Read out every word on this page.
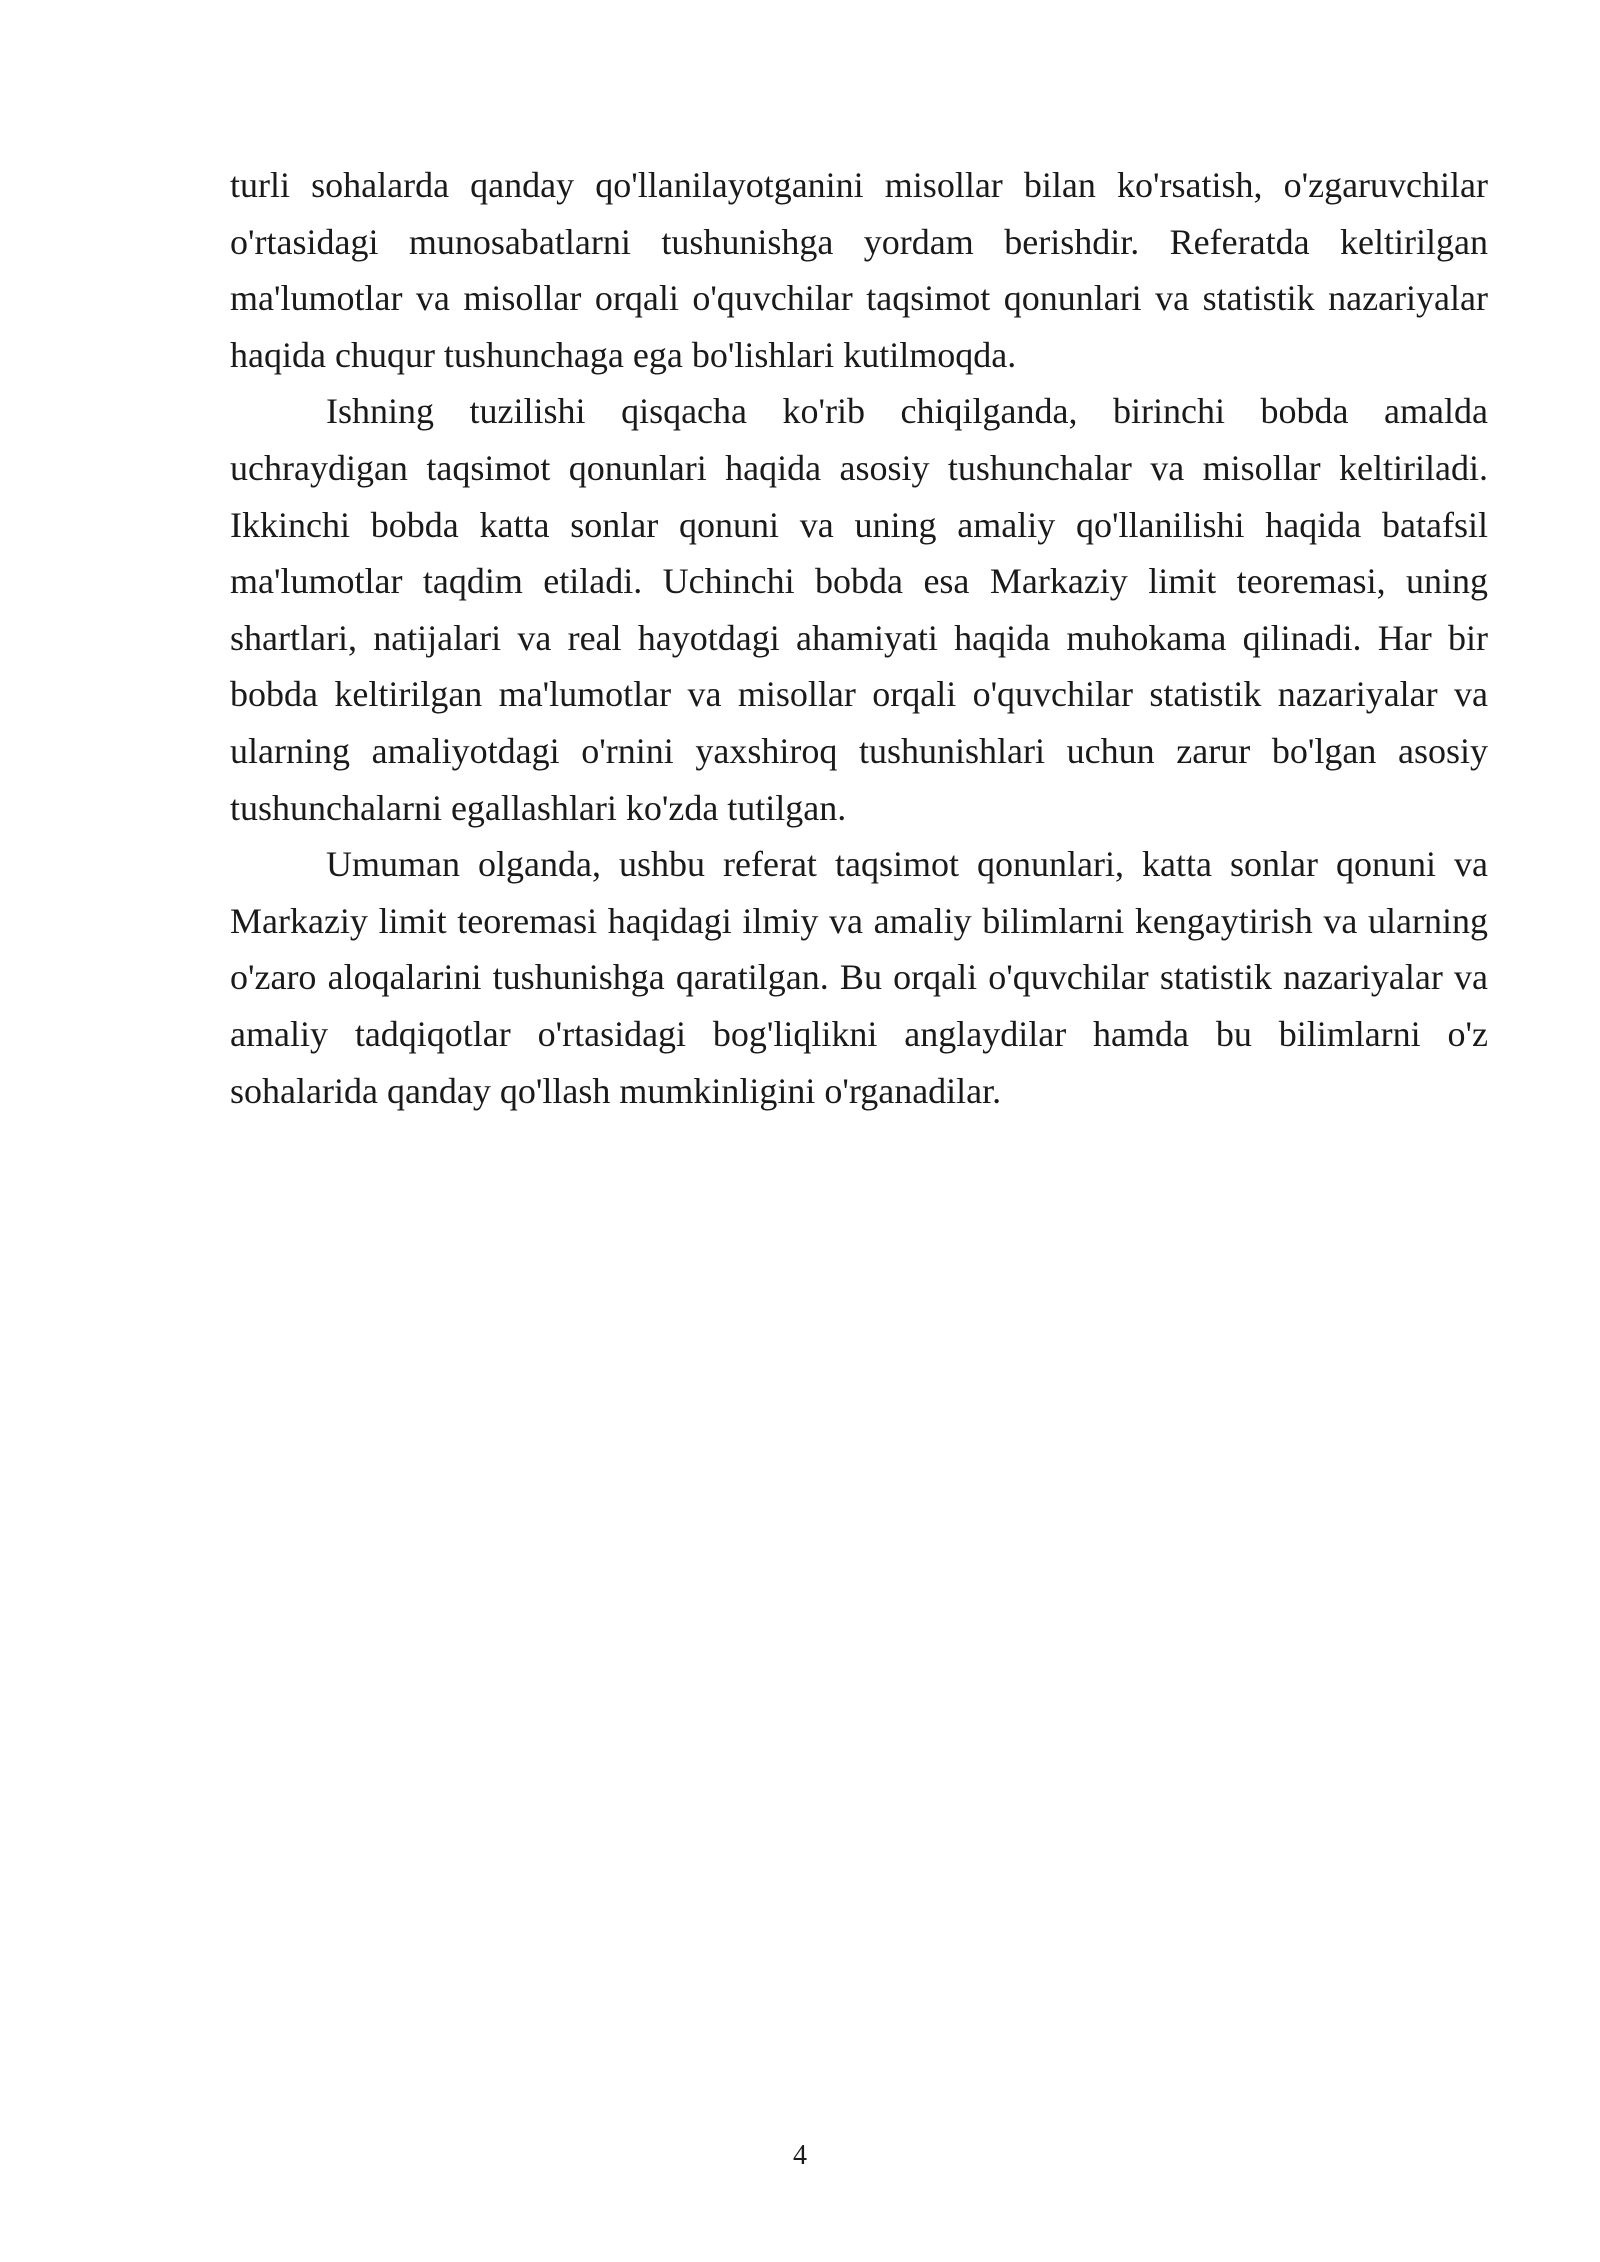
turli sohalarda qanday qo'llanilayotganini misollar bilan ko'rsatish, o'zgaruvchilar o'rtasidagi munosabatlarni tushunishga yordam berishdir. Referatda keltirilgan ma'lumotlar va misollar orqali o'quvchilar taqsimot qonunlari va statistik nazariyalar haqida chuqur tushunchaga ega bo'lishlari kutilmoqda.

Ishning tuzilishi qisqacha ko'rib chiqilganda, birinchi bobda amalda uchraydigan taqsimot qonunlari haqida asosiy tushunchalar va misollar keltiriladi. Ikkinchi bobda katta sonlar qonuni va uning amaliy qo'llanilishi haqida batafsil ma'lumotlar taqdim etiladi. Uchinchi bobda esa Markaziy limit teoremasi, uning shartlari, natijalari va real hayotdagi ahamiyati haqida muhokama qilinadi. Har bir bobda keltirilgan ma'lumotlar va misollar orqali o'quvchilar statistik nazariyalar va ularning amaliyotdagi o'rnini yaxshiroq tushunishlari uchun zarur bo'lgan asosiy tushunchalarni egallashlari ko'zda tutilgan.

Umuman olganda, ushbu referat taqsimot qonunlari, katta sonlar qonuni va Markaziy limit teoremasi haqidagi ilmiy va amaliy bilimlarni kengaytirish va ularning o'zaro aloqalarini tushunishga qaratilgan. Bu orqali o'quvchilar statistik nazariyalar va amaliy tadqiqotlar o'rtasidagi bog'liqlikni anglaydilar hamda bu bilimlarni o'z sohalarida qanday qo'llash mumkinligini o'rganadilar.

4
